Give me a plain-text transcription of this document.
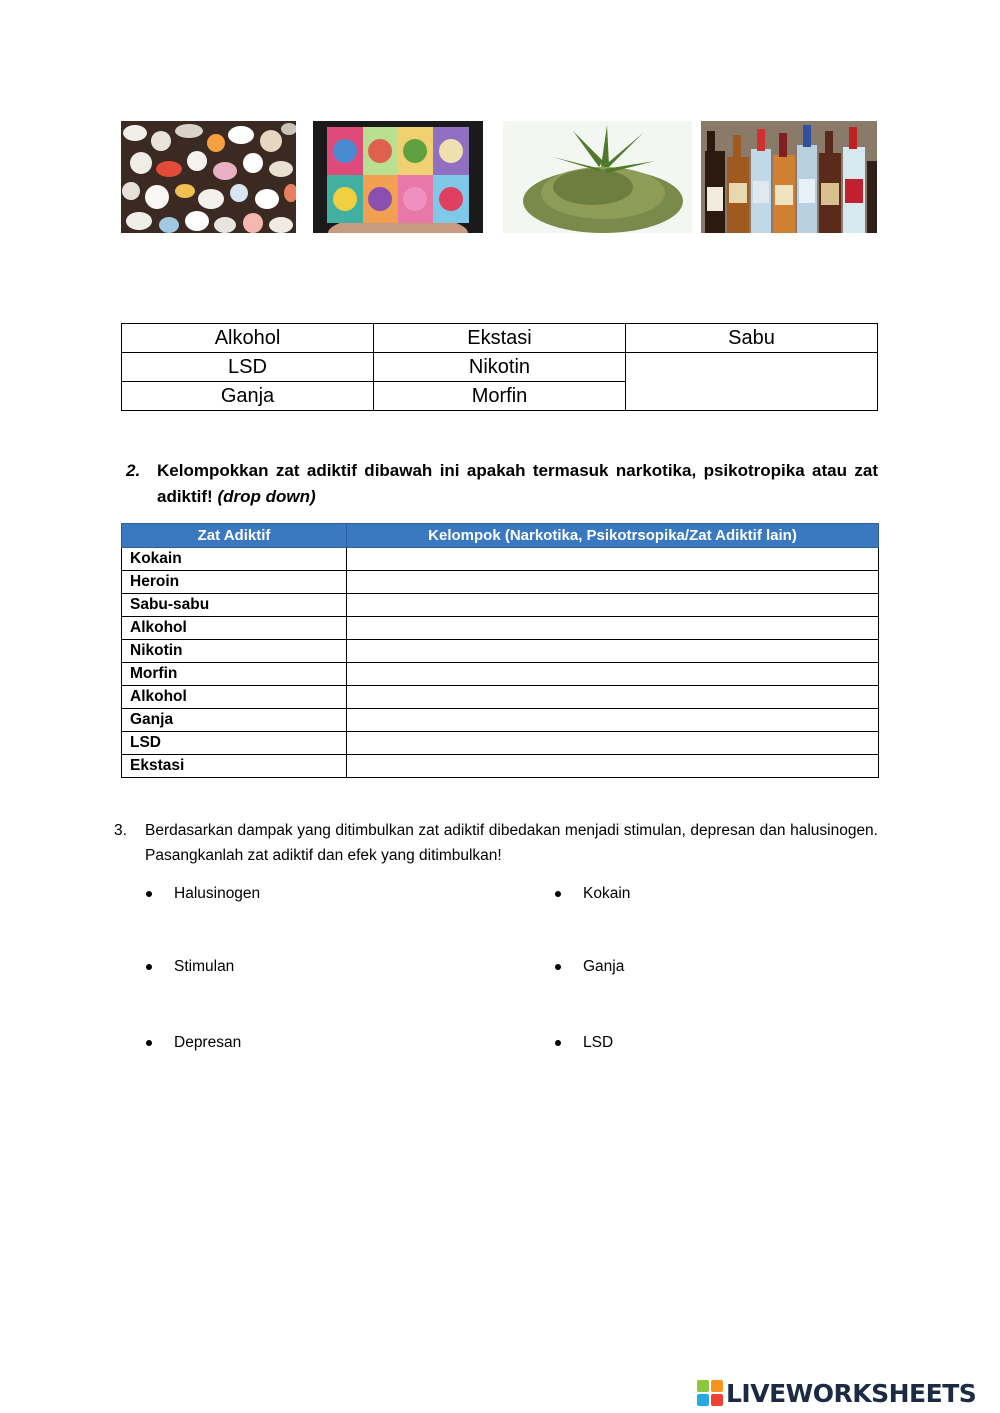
Alkohol	Ekstasi	Sabu
LSD	Nikotin	
Ganja	Morfin	
2. Kelompokkan zat adiktif dibawah ini apakah termasuk narkotika, psikotropika atau zat adiktif! (drop down)
Zat Adiktif	Kelompok (Narkotika, Psikotrsopika/Zat Adiktif lain)
Kokain	
Heroin	
Sabu-sabu	
Alkohol	
Nikotin	
Morfin	
Alkohol	
Ganja	
LSD	
Ekstasi	
3. Berdasarkan dampak yang ditimbulkan zat adiktif dibedakan menjadi stimulan, depresan dan halusinogen. Pasangkanlah zat adiktif dan efek yang ditimbulkan!
Halusinogen
Stimulan
Depresan
Kokain
Ganja
LSD
LIVEWORKSHEETS
